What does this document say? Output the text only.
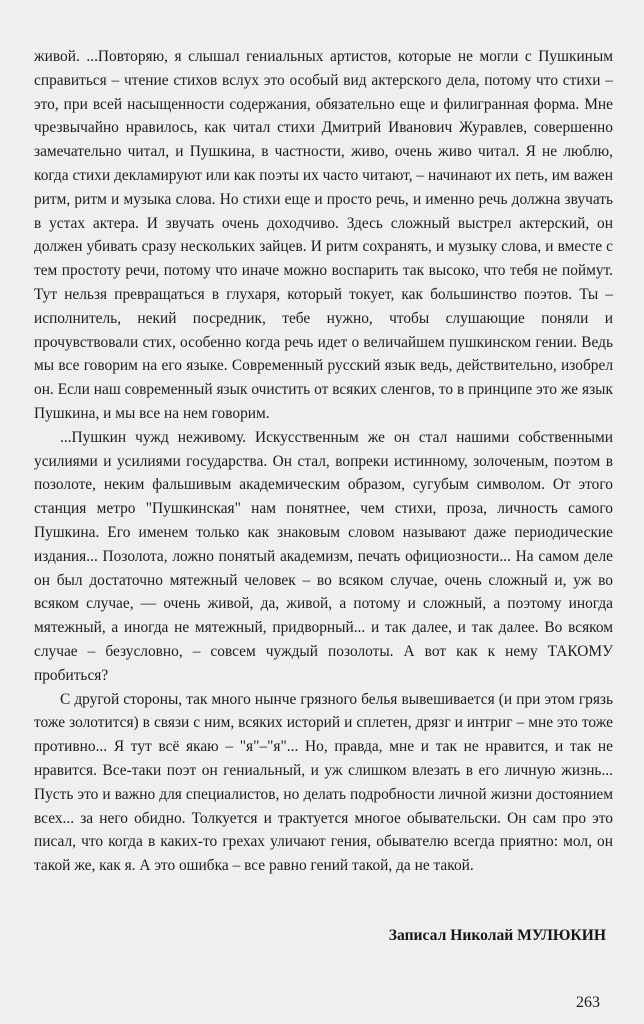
живой. ...Повторяю, я слышал гениальных артистов, которые не могли с Пушкиным справиться – чтение стихов вслух это особый вид актерского дела, потому что стихи – это, при всей насыщенности содержания, обязательно еще и филигранная форма. Мне чрезвычайно нравилось, как читал стихи Дмитрий Иванович Журавлев, совершенно замечательно читал, и Пушкина, в частности, живо, очень живо читал. Я не люблю, когда стихи декламируют или как поэты их часто читают, – начинают их петь, им важен ритм, ритм и музыка слова. Но стихи еще и просто речь, и именно речь должна звучать в устах актера. И звучать очень доходчиво. Здесь сложный выстрел актерский, он должен убивать сразу нескольких зайцев. И ритм сохранять, и музыку слова, и вместе с тем простоту речи, потому что иначе можно воспарить так высоко, что тебя не поймут. Тут нельзя превращаться в глухаря, который токует, как большинство поэтов. Ты – исполнитель, некий посредник, тебе нужно, чтобы слушающие поняли и прочувствовали стих, особенно когда речь идет о величайшем пушкинском гении. Ведь мы все говорим на его языке. Современный русский язык ведь, действительно, изобрел он. Если наш современный язык очистить от всяких сленгов, то в принципе это же язык Пушкина, и мы все на нем говорим.

...Пушкин чужд неживому. Искусственным же он стал нашими собственными усилиями и усилиями государства. Он стал, вопреки истинному, золоченым, поэтом в позолоте, неким фальшивым академическим образом, сугубым символом. От этого станция метро "Пушкинская" нам понятнее, чем стихи, проза, личность самого Пушкина. Его именем только как знаковым словом называют даже периодические издания... Позолота, ложно понятый академизм, печать официозности... На самом деле он был достаточно мятежный человек – во всяком случае, очень сложный и, уж во всяком случае, — очень живой, да, живой, а потому и сложный, а поэтому иногда мятежный, а иногда не мятежный, придворный... и так далее, и так далее. Во всяком случае – безусловно, – совсем чуждый позолоты. А вот как к нему ТАКОМУ пробиться?

С другой стороны, так много нынче грязного белья вывешивается (и при этом грязь тоже золотится) в связи с ним, всяких историй и сплетен, дрязг и интриг – мне это тоже противно... Я тут всё якаю – "я"–"я"... Но, правда, мне и так не нравится, и так не нравится. Все-таки поэт он гениальный, и уж слишком влезать в его личную жизнь... Пусть это и важно для специалистов, но делать подробности личной жизни достоянием всех... за него обидно. Толкуется и трактуется многое обывательски. Он сам про это писал, что когда в каких-то грехах уличают гения, обывателю всегда приятно: мол, он такой же, как я. А это ошибка – все равно гений такой, да не такой.

Записал Николай МУЛЮКИН
263
